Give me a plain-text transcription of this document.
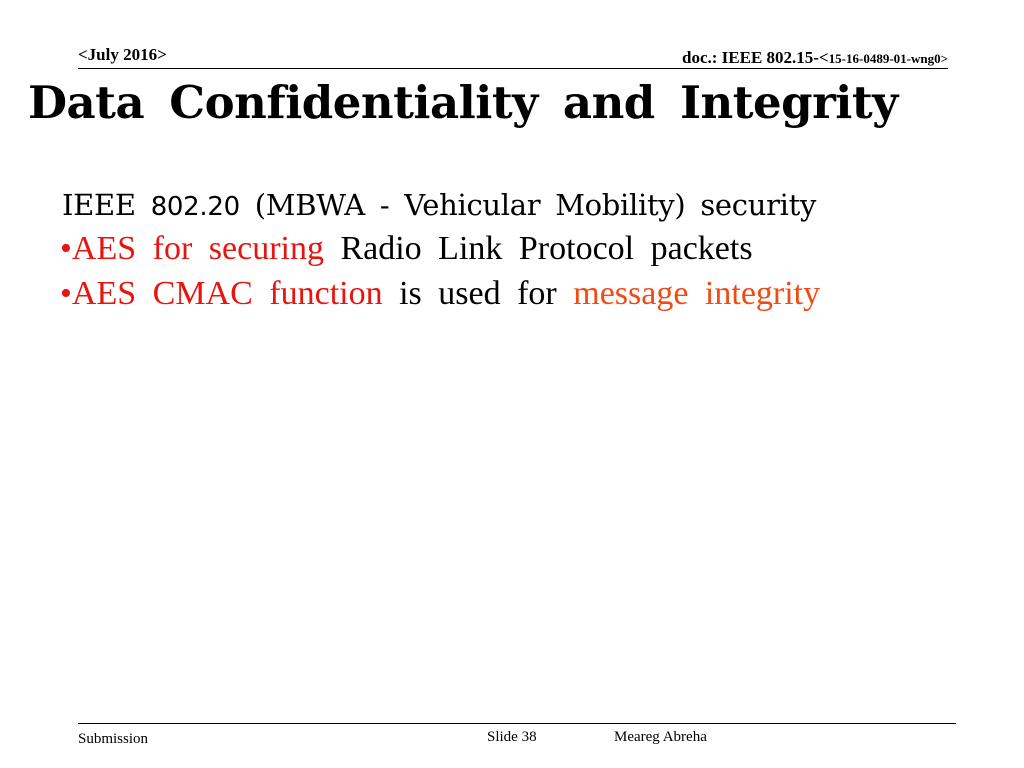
<July 2016>	doc.: IEEE 802.15-<15-16-0489-01-wng0>
Data Confidentiality and Integrity
IEEE 802.20 (MBWA - Vehicular Mobility) security
•AES for securing Radio Link Protocol packets
•AES CMAC function is used for message integrity
Submission	Slide 38	Meareg Abreha
